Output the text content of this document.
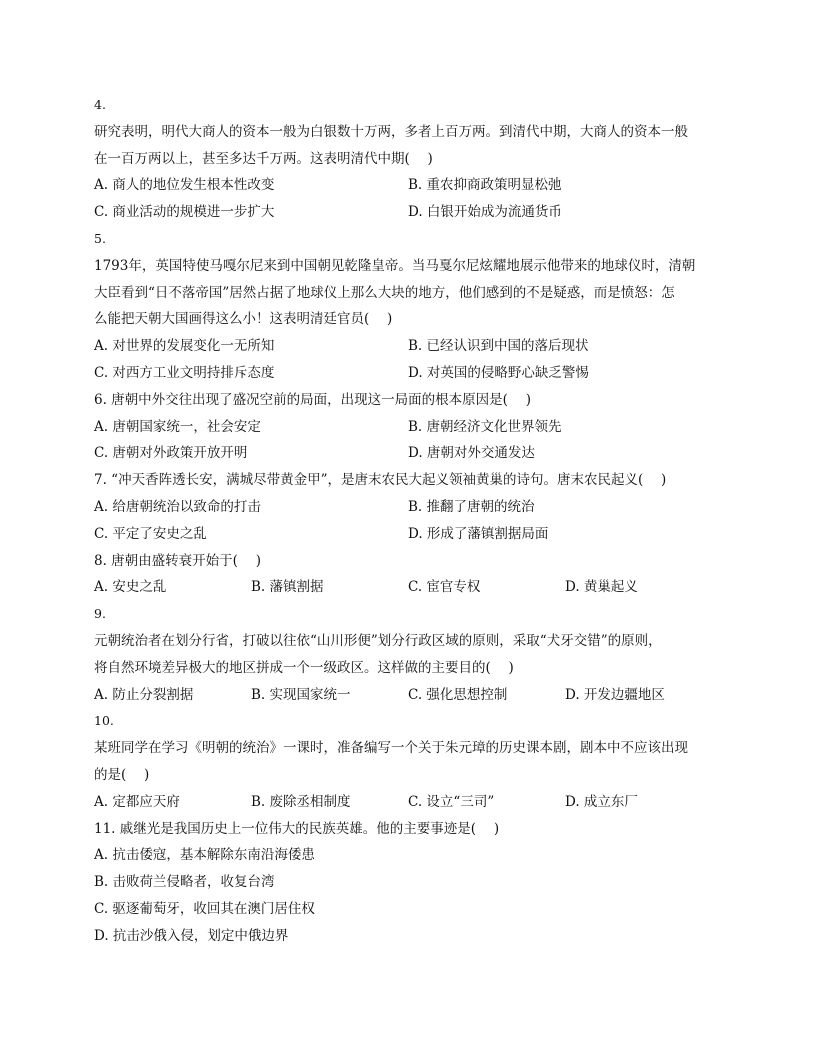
4.
研究表明，明代大商人的资本一般为白银数十万两，多者上百万两。到清代中期，大商人的资本一般
在一百万两以上，甚至多达千万两。这表明清代中期(　 )
A. 商人的地位发生根本性改变	B. 重农抑商政策明显松弛
C. 商业活动的规模进一步扩大	D. 白银开始成为流通货币
5.
1793年，英国特使马嘎尔尼来到中国朝见乾隆皇帝。当马戛尔尼炫耀地展示他带来的地球仪时，清朝
大臣看到“日不落帝国”居然占据了地球仪上那么大块的地方，他们感到的不是疑惑，而是愤怒：怎
么能把天朝大国画得这么小！这表明清廷官员(　 )
A. 对世界的发展变化一无所知	B. 已经认识到中国的落后现状
C. 对西方工业文明持排斥态度	D. 对英国的侵略野心缺乏警惕
6. 唐朝中外交往出现了盛况空前的局面，出现这一局面的根本原因是(　 )
A. 唐朝国家统一，社会安定	B. 唐朝经济文化世界领先
C. 唐朝对外政策开放开明	D. 唐朝对外交通发达
7. “冲天香阵透长安，满城尽带黄金甲”，是唐末农民大起义领袖黄巢的诗句。唐末农民起义(　 )
A. 给唐朝统治以致命的打击	B. 推翻了唐朝的统治
C. 平定了安史之乱	D. 形成了藩镇割据局面
8. 唐朝由盛转衰开始于(　 )
A. 安史之乱	B. 藩镇割据	C. 宦官专权	D. 黄巢起义
9.
元朝统治者在划分行省，打破以往依“山川形便”划分行政区域的原则，采取“犬牙交错”的原则，
将自然环境差异极大的地区拼成一个一级政区。这样做的主要目的(　 )
A. 防止分裂割据	B. 实现国家统一	C. 强化思想控制	D. 开发边疆地区
10.
某班同学在学习《明朝的统治》一课时，准备编写一个关于朱元璋的历史课本剧，剧本中不应该出现
的是(　 )
A. 定都应天府	B. 废除丞相制度	C. 设立“三司”	D. 成立东厂
11. 戚继光是我国历史上一位伟大的民族英雄。他的主要事迹是(　 )
A. 抗击倭寇，基本解除东南沿海倭患
B. 击败荷兰侵略者，收复台湾
C. 驱逐葡萄牙，收回其在澳门居住权
D. 抗击沙俄入侵，划定中俄边界
